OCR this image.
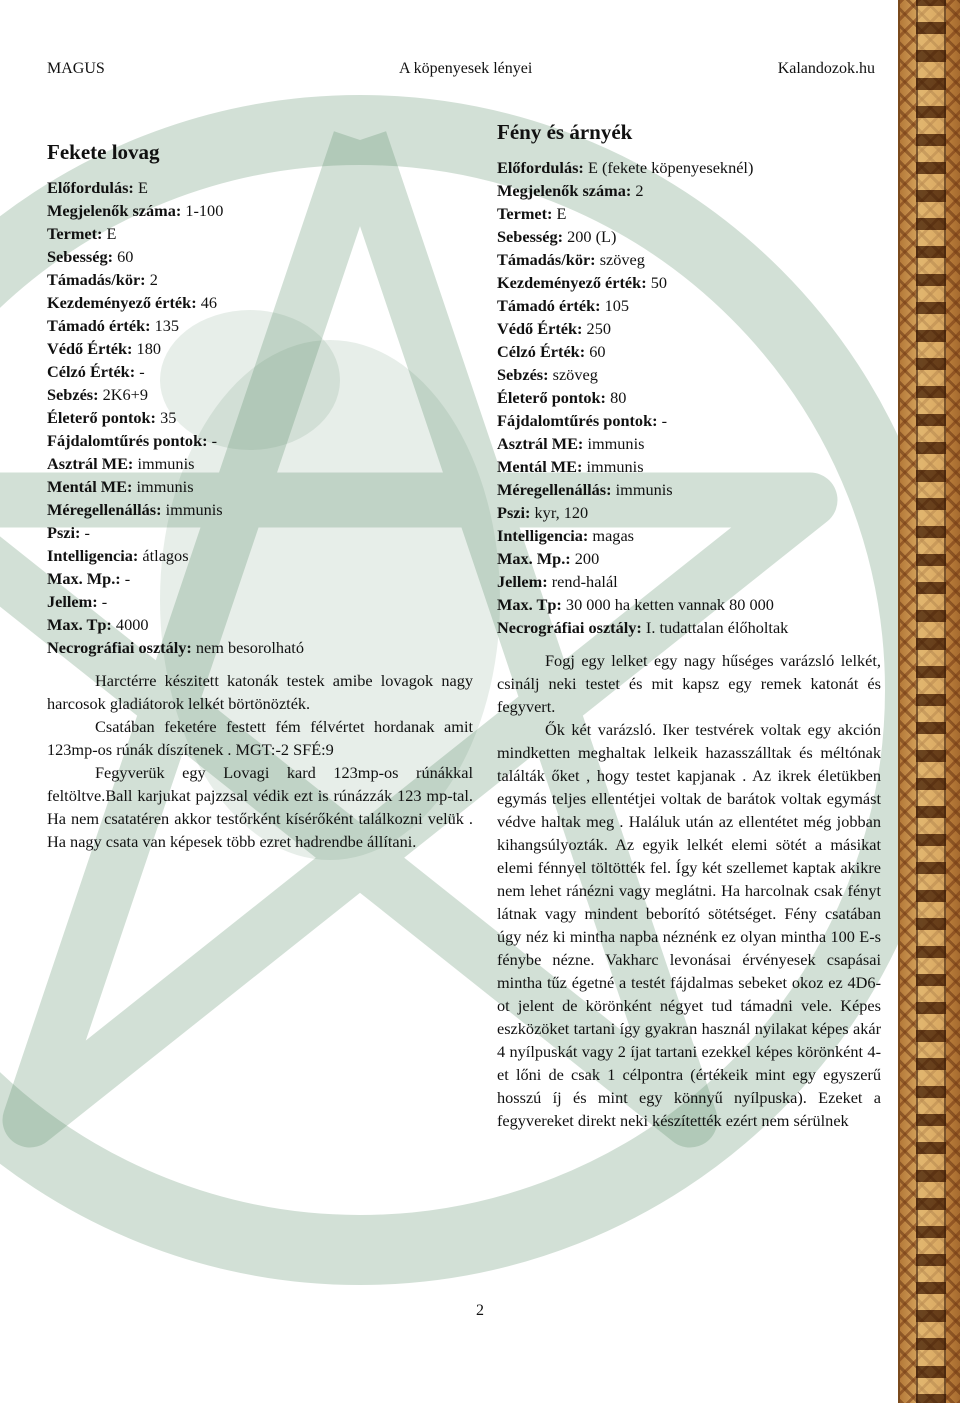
MAGUS	A köpenyesek lényei	Kalandozok.hu
Fekete lovag
Előfordulás: E
Megjelenők száma: 1-100
Termet: E
Sebesség: 60
Támadás/kör: 2
Kezdeményező érték: 46
Támadó érték: 135
Védő Érték: 180
Célzó Érték: -
Sebzés: 2K6+9
Életerő pontok: 35
Fájdalomtűrés pontok: -
Asztrál ME: immunis
Mentál ME: immunis
Méregellenállás: immunis
Pszi: -
Intelligencia: átlagos
Max. Mp.: -
Jellem: -
Max. Tp: 4000
Necrográfiai osztály: nem besorolható

Harctérre készitett katonák testek amibe lovagok nagy harcosok gladiátorok lelkét börtönözték.

Csatában feketére festett fém félvértet hordanak amit 123mp-os rúnák díszítenek . MGT:-2 SFÉ:9

Fegyverük egy Lovagi kard 123mp-os rúnákkal feltöltve.Ball karjukat pajzzsal védik ezt is rúnázzák 123 mp-tal. Ha nem csatatéren akkor testőrként kísérőként találkozni velük . Ha nagy csata van képesek több ezret hadrendbe állítani.

Fény és árnyék
Előfordulás: E (fekete köpenyeseknél)
Megjelenők száma: 2
Termet: E
Sebesség: 200 (L)
Támadás/kör: szöveg
Kezdeményező érték: 50
Támadó érték: 105
Védő Érték: 250
Célzó Érték: 60
Sebzés: szöveg
Életerő pontok: 80
Fájdalomtűrés pontok: -
Asztrál ME: immunis
Mentál ME: immunis
Méregellenállás: immunis
Pszi: kyr, 120
Intelligencia: magas
Max. Mp.: 200
Jellem: rend-halál
Max. Tp: 30 000 ha ketten vannak 80 000
Necrográfiai osztály: I. tudattalan élőholtak

Fogj egy lelket egy nagy hűséges varázsló lelkét, csinálj neki testet és mit kapsz egy remek katonát és fegyvert.

Ők két varázsló. Iker testvérek voltak egy akción mindketten meghaltak lelkeik hazasszálltak és méltónak találták őket , hogy testet kapjanak . Az ikrek életükben egymás teljes ellentétjei voltak de barátok voltak egymást védve haltak meg . Haláluk után az ellentétet még jobban kihangsúlyozták. Az egyik lelkét elemi sötét a másikat elemi fénnyel töltötték fel. Így két szellemet kaptak akikre nem lehet ránézni vagy meglátni. Ha harcolnak csak fényt látnak vagy mindent beborító sötétséget. Fény csatában úgy néz ki mintha napba néznénk ez olyan mintha 100 E-s fénybe nézne. Vakharc levonásai érvényesek csapásai mintha tűz égetné a testét fájdalmas sebeket okoz ez 4D6-ot jelent de körönként négyet tud támadni vele. Képes eszközöket tartani így gyakran használ nyilakat képes akár 4 nyílpuskát vagy 2 íjat tartani ezekkel képes körönként 4-et lőni de csak 1 célpontra (értékeik mint egy egyszerű hosszú íj és mint egy könnyű nyílpuska). Ezeket a fegyvereket direkt neki készítették ezért nem sérülnek

2
